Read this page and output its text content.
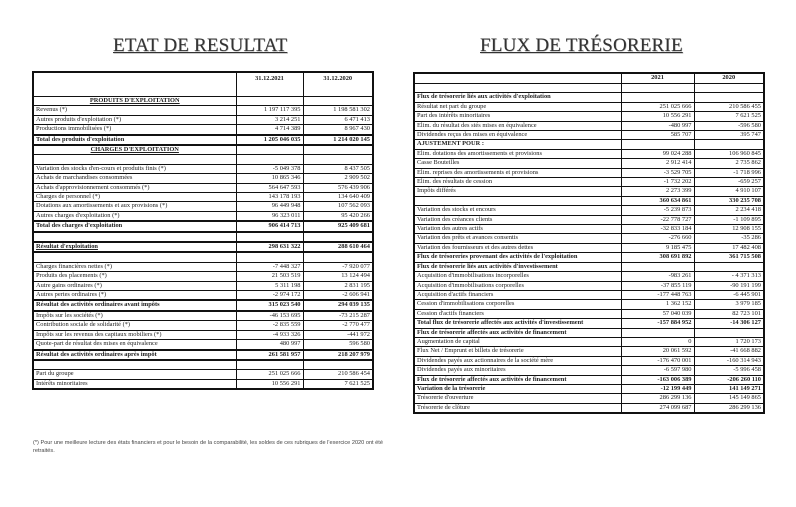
ETAT DE RESULTAT	FLUX DE TRÉSORERIE
	31.12.2021	31.12.2020
PRODUITS D'EXPLOITATION		
Revenus (*)	1 197 117 395	1 198 581 302
Autres produits d'exploitation (*)	3 214 251	6 471 413
Productions immobilisées (*)	4 714 389	8 967 430
Total des produits d'exploitation	1 205 046 035	1 214 020 145
CHARGES D'EXPLOITATION		

Variation des stocks d'en-cours et produits finis (*)	-5 049 378	8 437 505
Achats de marchandises consommées	10 865 346	2 909 502
Achats d'approvisionnement consommés (*)	564 647 593	576 439 906
Charges de personnel (*)	143 178 193	134 640 409
Dotations aux amortissements et aux provisions (*)	96 449 948	107 562 093
Autres charges d'exploitation (*)	96 323 011	95 420 266
Total des charges d'exploitation	906 414 713	925 409 681

Résultat d'exploitation	298 631 322	288 610 464

Charges financières nettes (*)	-7 448 327	-7 920 077
Produits des placements (*)	21 503 519	13 124 494
Autre gains ordinaires (*)	5 311 198	2 831 195
Autres pertes ordinaires (*)	-2 974 172	-2 606 941
Résultat des activités ordinaires avant impôts	315 023 540	294 039 135
Impôts sur les sociétés (*)	-46 153 695	-73 215 287
Contribution sociale de solidarité (*)	-2 835 559	-2 770 477
Impôts sur les revenus des capitaux mobiliers (*)	-4 933 326	-441 972
Quote-part de résultat des mises en équivalence	480 997	596 580
Résultat des activités ordinaires après impôt	261 581 957	218 207 979

Part du groupe	251 025 666	210 586 454
Intérêts minoritaires	10 556 291	7 621 525
	2021	2020

Flux de trésorerie liés aux activités d'exploitation		
Résultat net part du groupe	251 025 666	210 586 455
Part des intérêts minoritaires	10 556 291	7 621 525
Elim. du résultat des stés mises en équivalence	-480 997	-596 580
Dividendes reçus des mises en équivalence	585 707	395 747
AJUSTEMENT POUR :		
Elim. dotations des amortissements et provisions	99 024 288	106 960 845
Casse Bouteilles	2 912 414	2 735 862
Elim. reprises des amortissements et provisions	-3 529 705	-1 718 996
Elim. des résultats de cession	-1 732 202	-659 257
Impôts différés	2 273 399	4 910 107
	360 634 861	330 235 708
Variation des stocks et encours	-5 239 873	2 234 418
Variation des créances clients	-22 778 727	-1 109 895
Variation des autres actifs	-32 833 184	12 908 155
Variation des prêts et avances consentis	-276 660	-35 286
Variation des fournisseurs et des autres dettes	9 185 475	17 482 408
Flux de trésoreries provenant des activités de l'exploitation	308 691 892	361 715 508
Flux de trésorerie liés aux activités d'investissement		
Acquisition d'immobilisations incorporelles	-983 261	- 4 371 313
Acquisition d'immobilisations corporelles	-37 855 119	-90 191 199
Acquisition d'actifs financiers	-177 448 763	-6 445 901
Cession d'immobilisations corporelles	1 362 152	3 979 185
Cession d'actifs financiers	57 040 039	82 723 101
Total flux de trésorerie affectés aux activités d'investissement	-157 884 952	-14 306 127
Flux de trésorerie affectés aux activités de financement		
Augmentation de capital	0	1 720 173
Flux Net / Emprunt et billets de trésorerie	20 061 592	-41 668 882
Dividendes payés aux actionnaires de la société mère	-176 470 001	-160 314 943
Dividendes payés aux minoritaires	-6 597 980	-5 996 458
Flux de trésorerie affectés aux activités de financement	-163 006 389	-206 260 110
Variation de la trésorerie	-12 199 449	141 149 271
Trésorerie d'ouverture	286 299 136	145 149 865
Trésorerie de clôture	274 099 687	286 299 136
(*) Pour une meilleure lecture des états financiers et pour le besoin de la comparabilité, les soldes de ces rubriques de l'exercice 2020 ont été retraités.
